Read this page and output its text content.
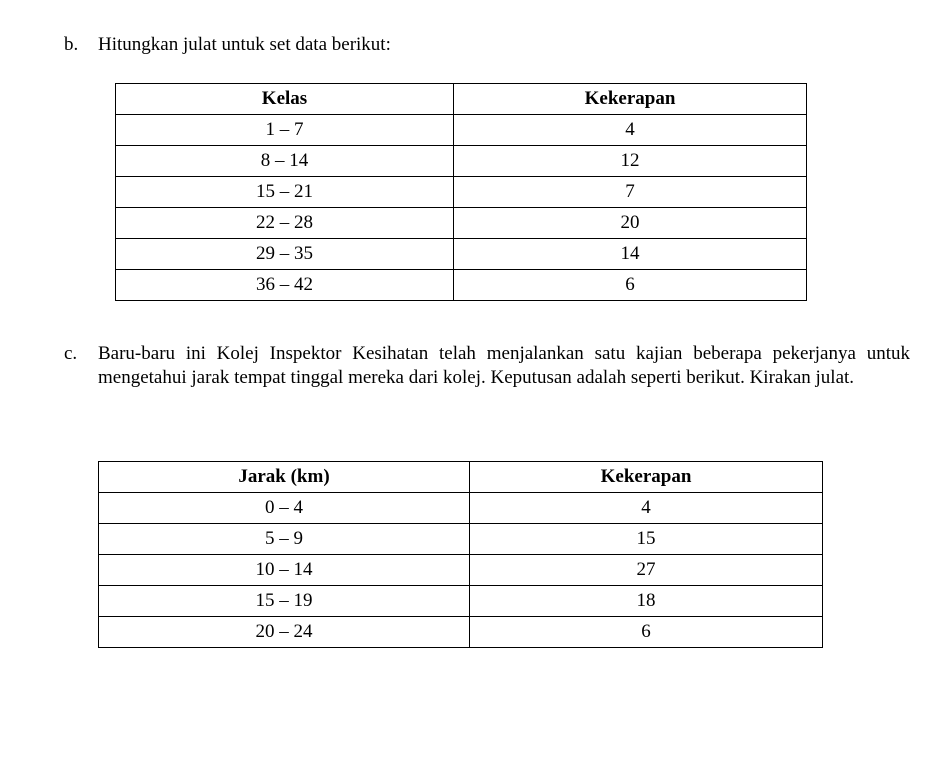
b.	Hitungkan julat untuk set data berikut:
Kelas	Kekerapan
1 – 7	4
8 – 14	12
15 – 21	7
22 – 28	20
29 – 35	14
36 – 42	6
c.	Baru-baru ini Kolej Inspektor Kesihatan telah menjalankan satu kajian beberapa pekerjanya untuk mengetahui jarak tempat tinggal mereka dari kolej. Keputusan adalah seperti berikut. Kirakan julat.
Jarak (km)	Kekerapan
0 – 4	4
5 – 9	15
10 – 14	27
15 – 19	18
20 – 24	6
